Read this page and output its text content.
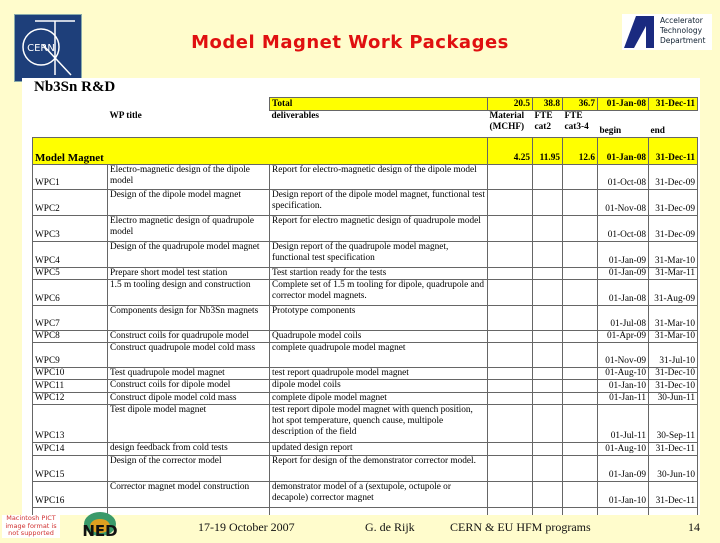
CERN	Model Magnet Work Packages
Accelerator Technology Department
Nb3Sn R&D
		Total	20.5	38.8	36.7	01-Jan-08	31-Dec-11
	WP title	deliverables	Material (MCHF)	FTE cat2	FTE cat3-4	begin	end
Model Magnet			4.25	11.95	12.6	01-Jan-08	31-Dec-11
WPC1	Electro-magnetic design of the dipole model	Report for electro-magnetic design of the dipole model				01-Oct-08	31-Dec-09
WPC2	Design of the dipole model magnet	Design report of the dipole model magnet, functional test specification.				01-Nov-08	31-Dec-09
WPC3	Electro magnetic design of quadrupole model	Report for electro magnetic design of quadrupole model				01-Oct-08	31-Dec-09
WPC4	Design of the quadrupole model magnet	Design report of the quadrupole model magnet, functional test specification				01-Jan-09	31-Mar-10
WPC5	Prepare short model test station	Test startion ready for the tests				01-Jan-09	31-Mar-11
WPC6	1.5 m tooling design and construction	Complete set of 1.5 m tooling for dipole, quadrupole and corrector model magnets.				01-Jan-08	31-Aug-09
WPC7	Components design for Nb3Sn magnets	Prototype components				01-Jul-08	31-Mar-10
WPC8	Construct coils for quadrupole model	Quadrupole model coils				01-Apr-09	31-Mar-10
WPC9	Construct quadrupole model cold mass	complete quadrupole model magnet				01-Nov-09	31-Jul-10
WPC10	Test quadrupole model magnet	test report quadrupole model magnet				01-Aug-10	31-Dec-10
WPC11	Construct coils for dipole model	dipole model coils				01-Jan-10	31-Dec-10
WPC12	Construct dipole model cold mass	complete dipole model magnet				01-Jan-11	30-Jun-11
WPC13	Test dipole model magnet	test report dipole model magnet with quench position, hot spot temperature, quench cause, multipole description of the field				01-Jul-11	30-Sep-11
WPC14	design feedback from cold tests	updated design report				01-Aug-10	31-Dec-11
WPC15	Design of the corrector model	Report for design of the demonstrator corrector model.				01-Jan-09	30-Jun-10
WPC16	Corrector magnet model construction	demonstrator model of a (sextupole, octupole or decapole) corrector magnet				01-Jan-10	31-Dec-11

Macintosh PICT image format is not supported	NED	17-19 October 2007	G. de Rijk	CERN & EU HFM programs	14
